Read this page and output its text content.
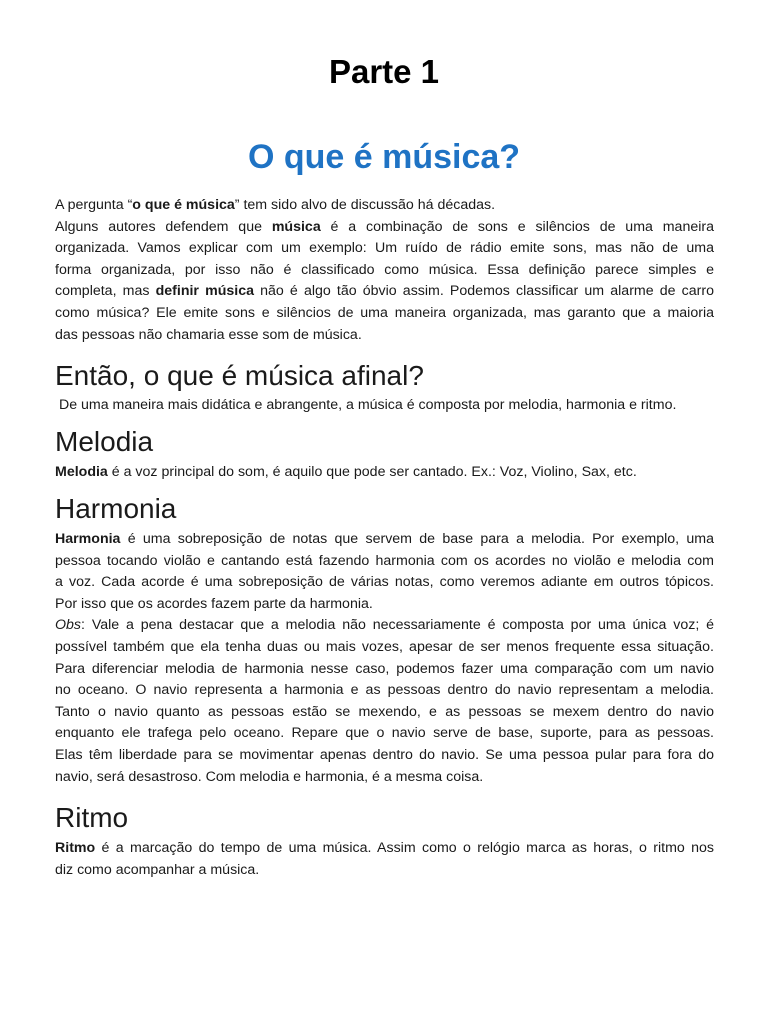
Parte 1
O que é música?
A pergunta “o que é música” tem sido alvo de discussão há décadas.
Alguns autores defendem que música é a combinação de sons e silêncios de uma maneira
organizada. Vamos explicar com um exemplo: Um ruído de rádio emite sons, mas não de uma
forma organizada, por isso não é classificado como música. Essa definição parece simples e
completa, mas definir música não é algo tão óbvio assim. Podemos classificar um alarme de carro
como música? Ele emite sons e silêncios de uma maneira organizada, mas garanto que a maioria
das pessoas não chamaria esse som de música.
Então, o que é música afinal?
De uma maneira mais didática e abrangente, a música é composta por melodia, harmonia e ritmo.
Melodia
Melodia é a voz principal do som, é aquilo que pode ser cantado. Ex.: Voz, Violino, Sax, etc.
Harmonia
Harmonia é uma sobreposição de notas que servem de base para a melodia. Por exemplo, uma
pessoa tocando violão e cantando está fazendo harmonia com os acordes no violão e melodia com
a voz. Cada acorde é uma sobreposição de várias notas, como veremos adiante em outros tópicos.
Por isso que os acordes fazem parte da harmonia.
Obs: Vale a pena destacar que a melodia não necessariamente é composta por uma única voz; é
possível também que ela tenha duas ou mais vozes, apesar de ser menos frequente essa situação.
Para diferenciar melodia de harmonia nesse caso, podemos fazer uma comparação com um navio
no oceano. O navio representa a harmonia e as pessoas dentro do navio representam a melodia.
Tanto o navio quanto as pessoas estão se mexendo, e as pessoas se mexem dentro do navio
enquanto ele trafega pelo oceano. Repare que o navio serve de base, suporte, para as pessoas.
Elas têm liberdade para se movimentar apenas dentro do navio. Se uma pessoa pular para fora do
navio, será desastroso. Com melodia e harmonia, é a mesma coisa.
Ritmo
Ritmo é a marcação do tempo de uma música. Assim como o relógio marca as horas, o ritmo nos
diz como acompanhar a música.
